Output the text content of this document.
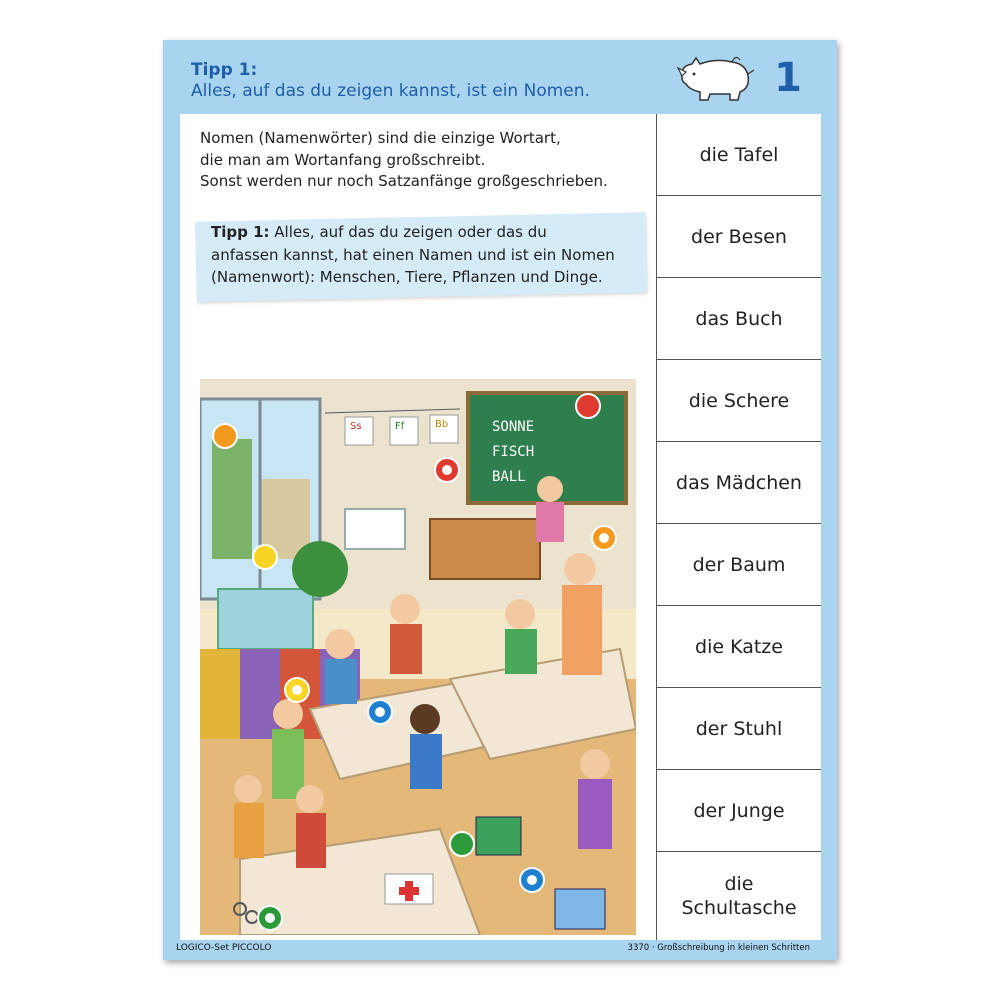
Tipp 1:
Alles, auf das du zeigen kannst, ist ein Nomen.	1
Nomen (Namenwörter) sind die einzige Wortart,
die man am Wortanfang großschreibt.
Sonst werden nur noch Satzanfänge großgeschrieben.
Tipp 1: Alles, auf das du zeigen oder das du
anfassen kannst, hat einen Namen und ist ein Nomen
(Namenwort): Menschen, Tiere, Pflanzen und Dinge.
SONNE
FISCH
BALL
Ss	Ff	Bb
die Tafel
der Besen
das Buch
die Schere
das Mädchen
der Baum
die Katze
der Stuhl
der Junge
die
Schultasche
LOGICO-Set PICCOLO	3370 · Großschreibung in kleinen Schritten
